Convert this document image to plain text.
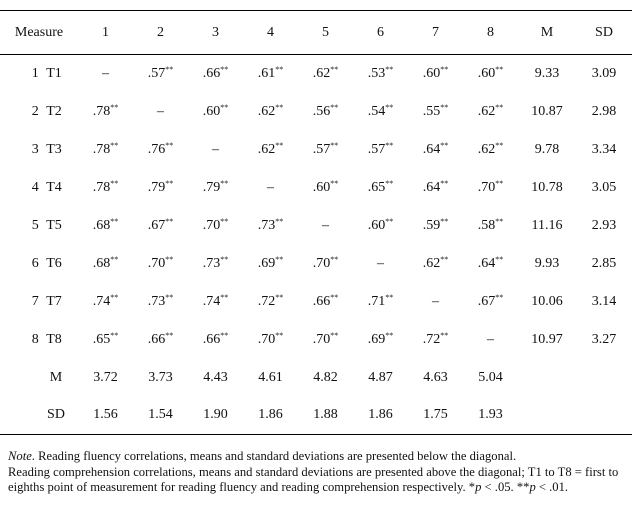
Measure	1	2	3	4	5	6	7	8	M	SD
1 T1	–	.57**	.66**	.61**	.62**	.53**	.60**	.60**	9.33	3.09
2 T2	.78**	–	.60**	.62**	.56**	.54**	.55**	.62**	10.87	2.98
3 T3	.78**	.76**	–	.62**	.57**	.57**	.64**	.62**	9.78	3.34
4 T4	.78**	.79**	.79**	–	.60**	.65**	.64**	.70**	10.78	3.05
5 T5	.68**	.67**	.70**	.73**	–	.60**	.59**	.58**	11.16	2.93
6 T6	.68**	.70**	.73**	.69**	.70**	–	.62**	.64**	9.93	2.85
7 T7	.74**	.73**	.74**	.72**	.66**	.71**	–	.67**	10.06	3.14
8 T8	.65**	.66**	.66**	.70**	.70**	.69**	.72**	–	10.97	3.27
M	3.72	3.73	4.43	4.61	4.82	4.87	4.63	5.04		
SD	1.56	1.54	1.90	1.86	1.88	1.86	1.75	1.93		
Note. Reading fluency correlations, means and standard deviations are presented below the diagonal.
Reading comprehension correlations, means and standard deviations are presented above the diagonal; T1 to T8 = first to eighths point of measurement for reading fluency and reading comprehension respectively. *p < .05. **p < .01.
